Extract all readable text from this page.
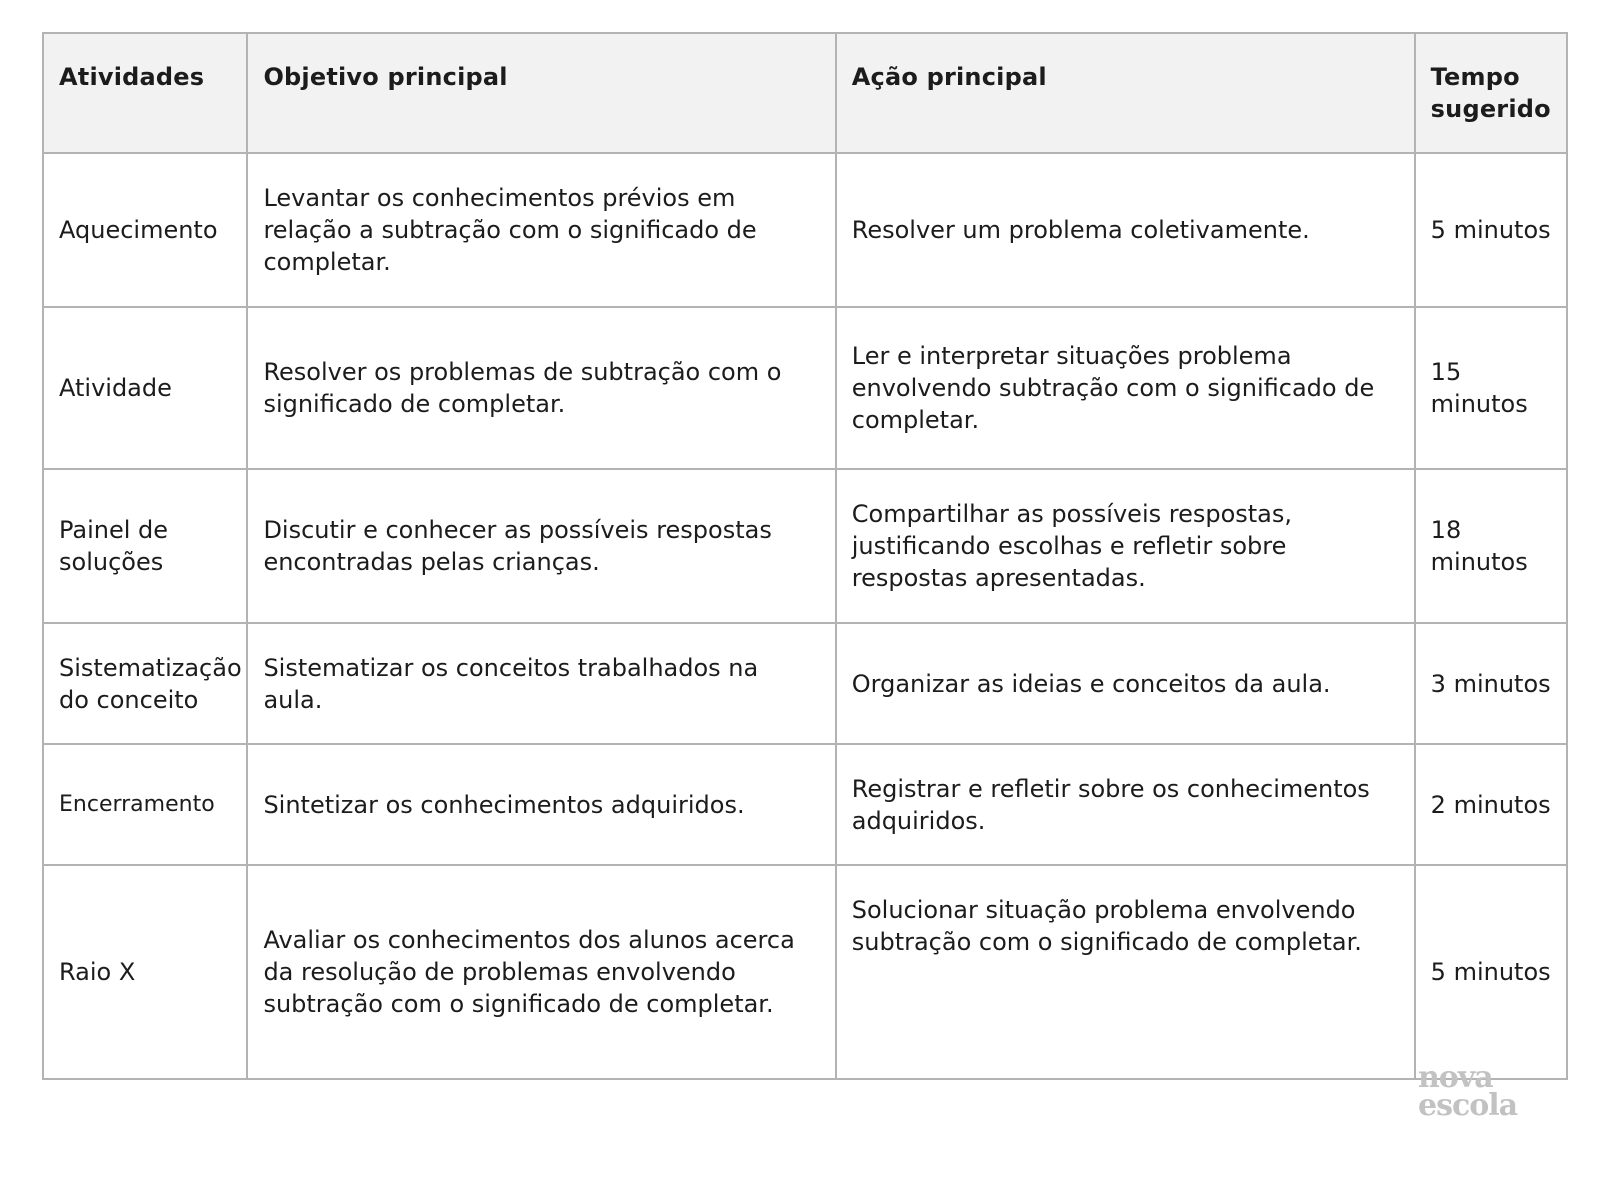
Atividades	Objetivo principal	Ação principal	Tempo sugerido
Aquecimento	Levantar os conhecimentos prévios em relação a subtração com o significado de completar.	Resolver um problema coletivamente.	5 minutos
Atividade	Resolver os problemas de subtração com o significado de completar.	Ler e interpretar situações problema envolvendo subtração com o significado de completar.	15 minutos
Painel de soluções	Discutir e conhecer as possíveis respostas encontradas pelas crianças.	Compartilhar as possíveis respostas, justificando escolhas e refletir sobre respostas apresentadas.	18 minutos
Sistematização do conceito	Sistematizar os conceitos trabalhados na aula.	Organizar as ideias e conceitos da aula.	3 minutos
Encerramento	Sintetizar os conhecimentos adquiridos.	Registrar e refletir sobre os conhecimentos adquiridos.	2 minutos
Raio X	Avaliar os conhecimentos dos alunos acerca da resolução de problemas envolvendo subtração com o significado de completar.	Solucionar situação problema envolvendo subtração com o significado de completar.	5 minutos
nova
escola
